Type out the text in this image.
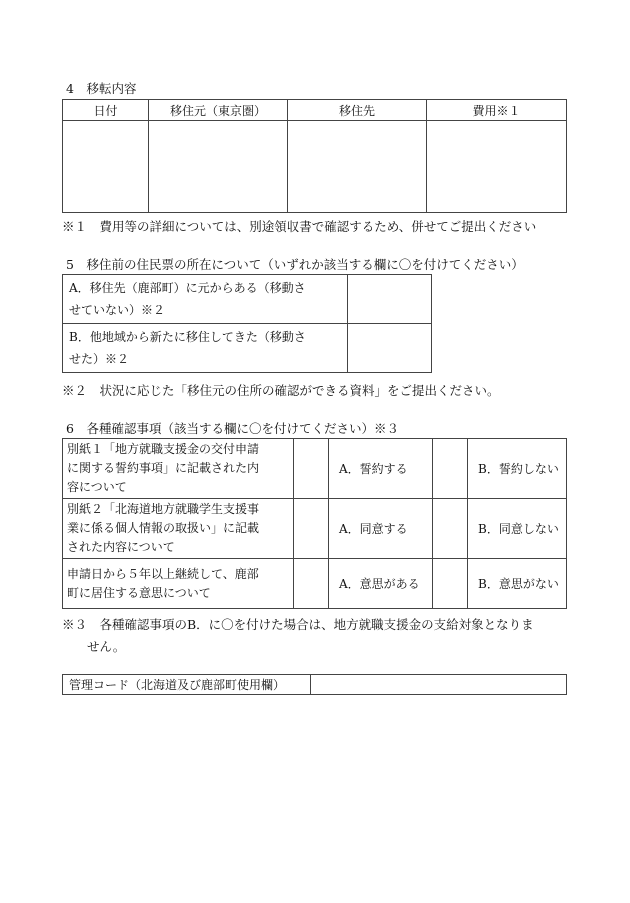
4　移転内容
日付	移住元（東京圏）	移住先	費用※１

※１　費用等の詳細については、別途領収書で確認するため、併せてご提出ください
5　移住前の住民票の所在について（いずれか該当する欄に〇を付けてください）
A．移住先（鹿部町）に元からある（移動さ
せていない）※２	

B．他地域から新たに移住してきた（移動さ
せた）※２	

※２　状況に応じた「移住元の住所の確認ができる資料」をご提出ください。
6　各種確認事項（該当する欄に〇を付けてください）※３
別紙１「地方就職支援金の交付申請
に関する誓約事項」に記載された内
容について		A．誓約する		B．誓約しない

別紙２「北海道地方就職学生支援事
業に係る個人情報の取扱い」に記載
された内容について		A．同意する		B．同意しない

申請日から５年以上継続して、鹿部
町に居住する意思について		A．意思がある		B．意思がない
※３　各種確認事項のB．に〇を付けた場合は、地方就職支援金の支給対象となりま
せん。
管理コード（北海道及び鹿部町使用欄）	
